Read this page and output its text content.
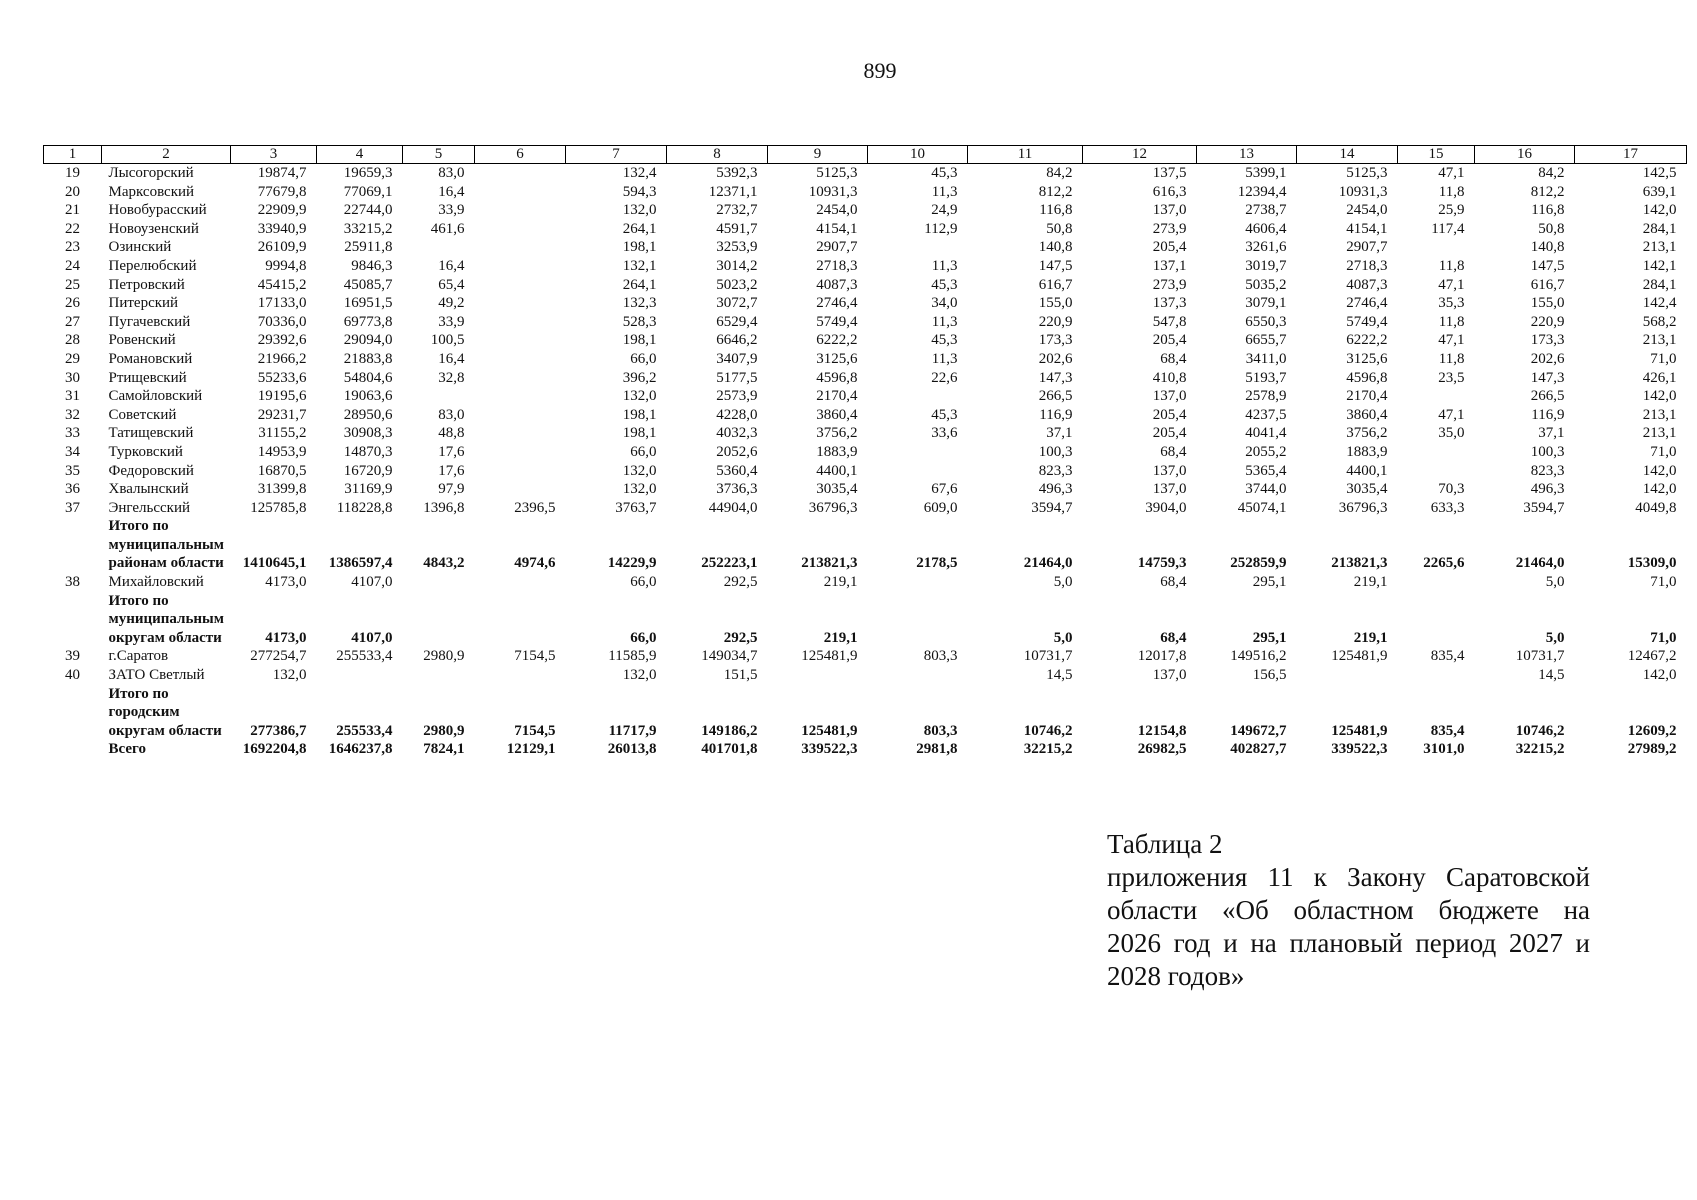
899
1	2	3	4	5	6	7	8	9	10	11	12	13	14	15	16	17
19	Лысогорский	19874,7	19659,3	83,0		132,4	5392,3	5125,3	45,3	84,2	137,5	5399,1	5125,3	47,1	84,2	142,5
20	Марксовский	77679,8	77069,1	16,4		594,3	12371,1	10931,3	11,3	812,2	616,3	12394,4	10931,3	11,8	812,2	639,1
21	Новобурасский	22909,9	22744,0	33,9		132,0	2732,7	2454,0	24,9	116,8	137,0	2738,7	2454,0	25,9	116,8	142,0
22	Новоузенский	33940,9	33215,2	461,6		264,1	4591,7	4154,1	112,9	50,8	273,9	4606,4	4154,1	117,4	50,8	284,1
23	Озинский	26109,9	25911,8			198,1	3253,9	2907,7		140,8	205,4	3261,6	2907,7		140,8	213,1
24	Перелюбский	9994,8	9846,3	16,4		132,1	3014,2	2718,3	11,3	147,5	137,1	3019,7	2718,3	11,8	147,5	142,1
25	Петровский	45415,2	45085,7	65,4		264,1	5023,2	4087,3	45,3	616,7	273,9	5035,2	4087,3	47,1	616,7	284,1
26	Питерский	17133,0	16951,5	49,2		132,3	3072,7	2746,4	34,0	155,0	137,3	3079,1	2746,4	35,3	155,0	142,4
27	Пугачевский	70336,0	69773,8	33,9		528,3	6529,4	5749,4	11,3	220,9	547,8	6550,3	5749,4	11,8	220,9	568,2
28	Ровенский	29392,6	29094,0	100,5		198,1	6646,2	6222,2	45,3	173,3	205,4	6655,7	6222,2	47,1	173,3	213,1
29	Романовский	21966,2	21883,8	16,4		66,0	3407,9	3125,6	11,3	202,6	68,4	3411,0	3125,6	11,8	202,6	71,0
30	Ртищевский	55233,6	54804,6	32,8		396,2	5177,5	4596,8	22,6	147,3	410,8	5193,7	4596,8	23,5	147,3	426,1
31	Самойловский	19195,6	19063,6			132,0	2573,9	2170,4		266,5	137,0	2578,9	2170,4		266,5	142,0
32	Советский	29231,7	28950,6	83,0		198,1	4228,0	3860,4	45,3	116,9	205,4	4237,5	3860,4	47,1	116,9	213,1
33	Татищевский	31155,2	30908,3	48,8		198,1	4032,3	3756,2	33,6	37,1	205,4	4041,4	3756,2	35,0	37,1	213,1
34	Турковский	14953,9	14870,3	17,6		66,0	2052,6	1883,9		100,3	68,4	2055,2	1883,9		100,3	71,0
35	Федоровский	16870,5	16720,9	17,6		132,0	5360,4	4400,1		823,3	137,0	5365,4	4400,1		823,3	142,0
36	Хвалынский	31399,8	31169,9	97,9		132,0	3736,3	3035,4	67,6	496,3	137,0	3744,0	3035,4	70,3	496,3	142,0
37	Энгельсский	125785,8	118228,8	1396,8	2396,5	3763,7	44904,0	36796,3	609,0	3594,7	3904,0	45074,1	36796,3	633,3	3594,7	4049,8
	Итого по муниципальным районам области	1410645,1	1386597,4	4843,2	4974,6	14229,9	252223,1	213821,3	2178,5	21464,0	14759,3	252859,9	213821,3	2265,6	21464,0	15309,0
38	Михайловский	4173,0	4107,0			66,0	292,5	219,1		5,0	68,4	295,1	219,1		5,0	71,0
	Итого по муниципальным округам области	4173,0	4107,0			66,0	292,5	219,1		5,0	68,4	295,1	219,1		5,0	71,0
39	г.Саратов	277254,7	255533,4	2980,9	7154,5	11585,9	149034,7	125481,9	803,3	10731,7	12017,8	149516,2	125481,9	835,4	10731,7	12467,2
40	ЗАТО Светлый	132,0				132,0	151,5			14,5	137,0	156,5			14,5	142,0
	Итого по городским округам области	277386,7	255533,4	2980,9	7154,5	11717,9	149186,2	125481,9	803,3	10746,2	12154,8	149672,7	125481,9	835,4	10746,2	12609,2
	Всего	1692204,8	1646237,8	7824,1	12129,1	26013,8	401701,8	339522,3	2981,8	32215,2	26982,5	402827,7	339522,3	3101,0	32215,2	27989,2
Таблица 2
приложения 11 к Закону Саратовской
области «Об областном бюджете на
2026 год и на плановый период 2027 и
2028 годов»
